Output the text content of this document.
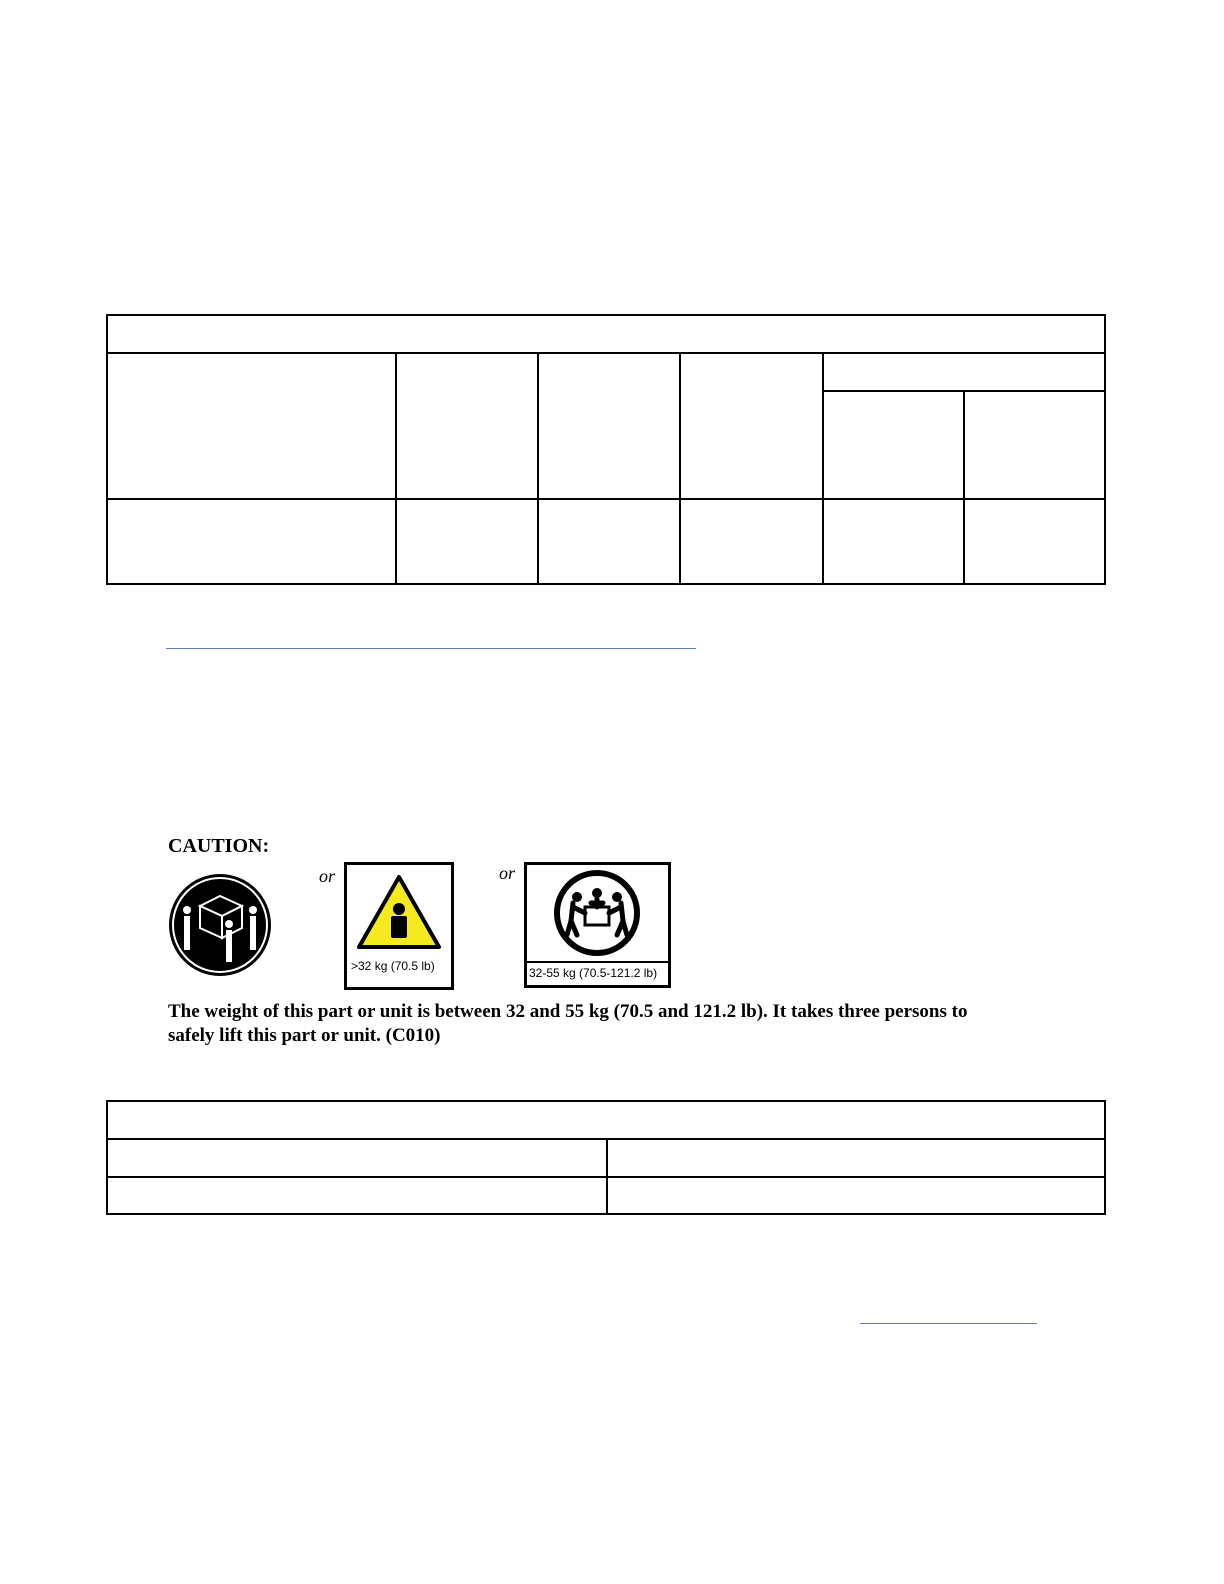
CAUTION:
or
>32 kg (70.5 lb)
or
32-55 kg (70.5-121.2 lb)
The weight of this part or unit is between 32 and 55 kg (70.5 and 121.2 lb). It takes three persons to
safely lift this part or unit. (C010)
